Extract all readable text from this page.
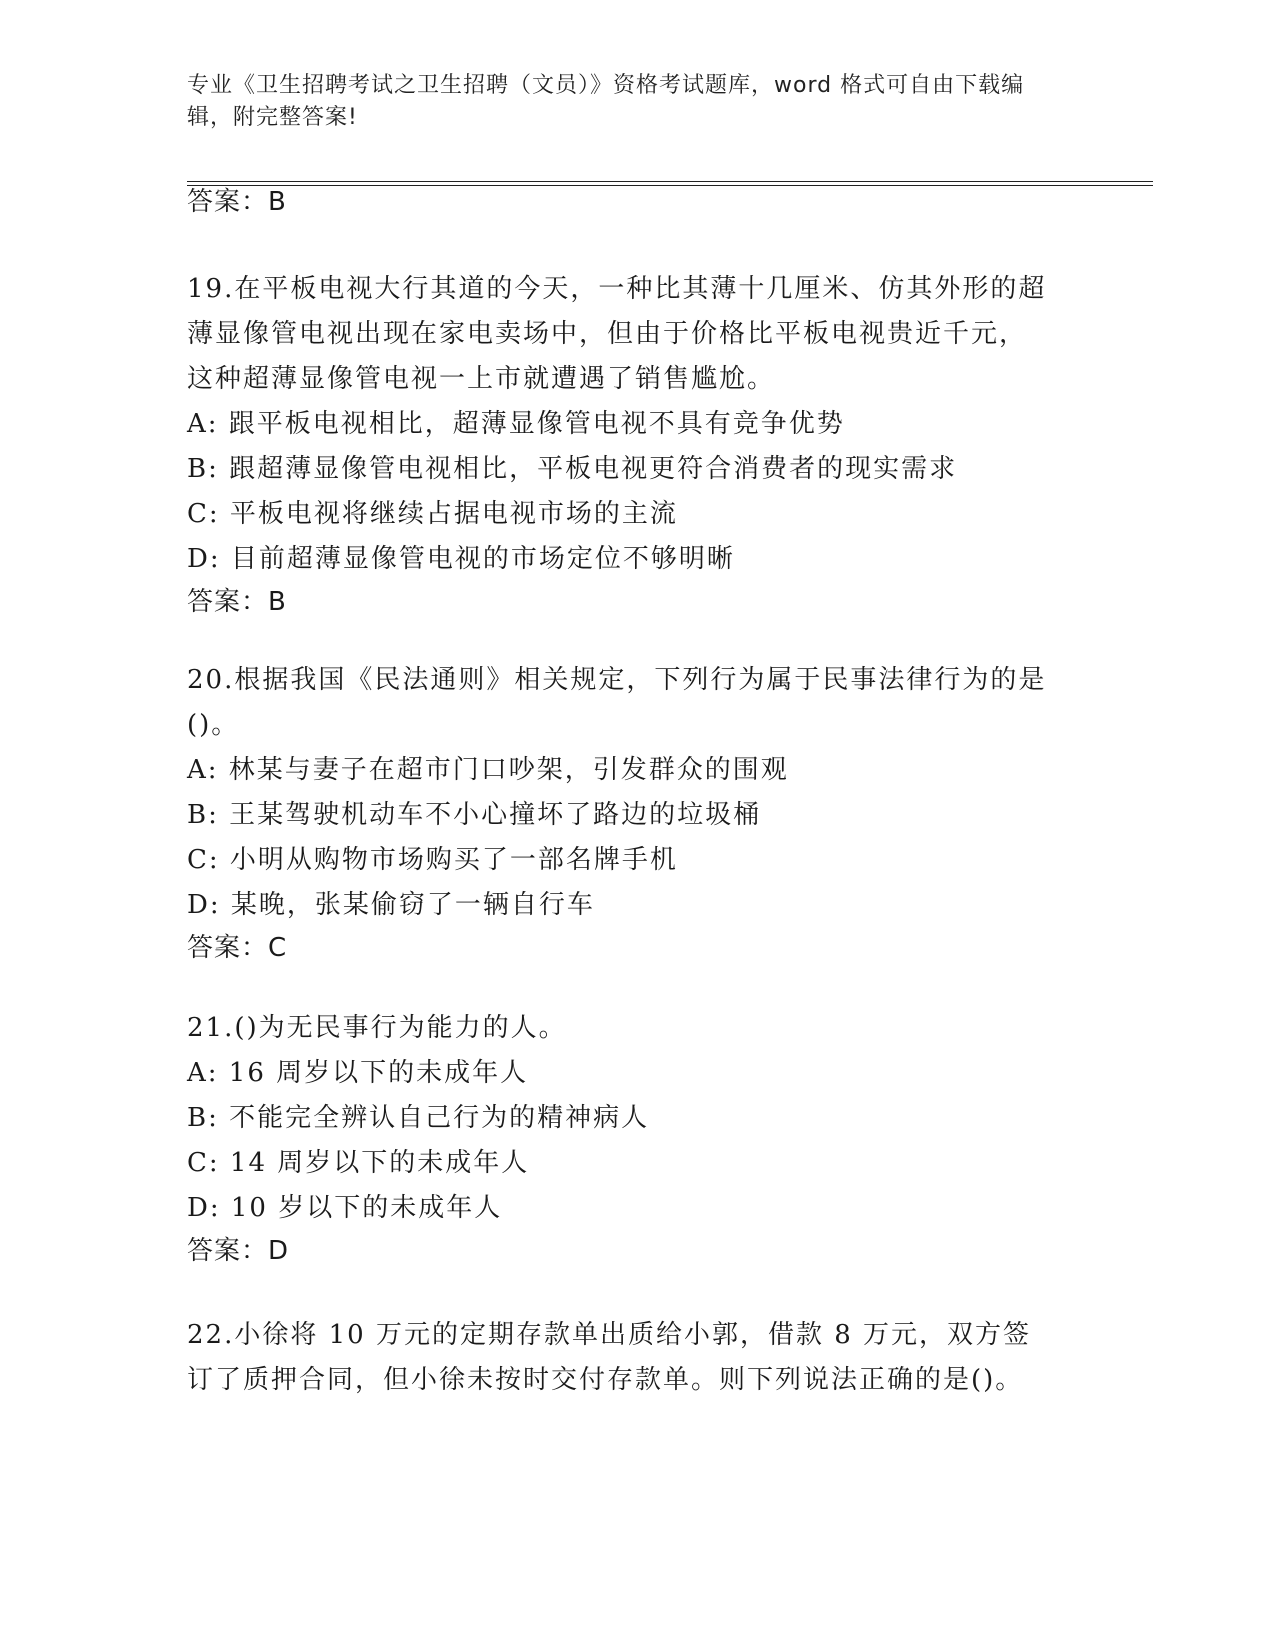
专业《卫生招聘考试之卫生招聘（文员）》资格考试题库，word 格式可自由下载编辑，附完整答案!

答案：B

19.在平板电视大行其道的今天，一种比其薄十几厘米、仿其外形的超薄显像管电视出现在家电卖场中，但由于价格比平板电视贵近千元，这种超薄显像管电视一上市就遭遇了销售尴尬。

A: 跟平板电视相比，超薄显像管电视不具有竞争优势

B: 跟超薄显像管电视相比，平板电视更符合消费者的现实需求

C: 平板电视将继续占据电视市场的主流

D: 目前超薄显像管电视的市场定位不够明晰

答案：B

20.根据我国《民法通则》相关规定，下列行为属于民事法律行为的是()。

A: 林某与妻子在超市门口吵架，引发群众的围观

B: 王某驾驶机动车不小心撞坏了路边的垃圾桶

C: 小明从购物市场购买了一部名牌手机

D: 某晚，张某偷窃了一辆自行车

答案：C

21.()为无民事行为能力的人。

A: 16 周岁以下的未成年人

B: 不能完全辨认自己行为的精神病人

C: 14 周岁以下的未成年人

D: 10 岁以下的未成年人

答案：D

22.小徐将 10 万元的定期存款单出质给小郭，借款 8 万元，双方签订了质押合同，但小徐未按时交付存款单。则下列说法正确的是()。
